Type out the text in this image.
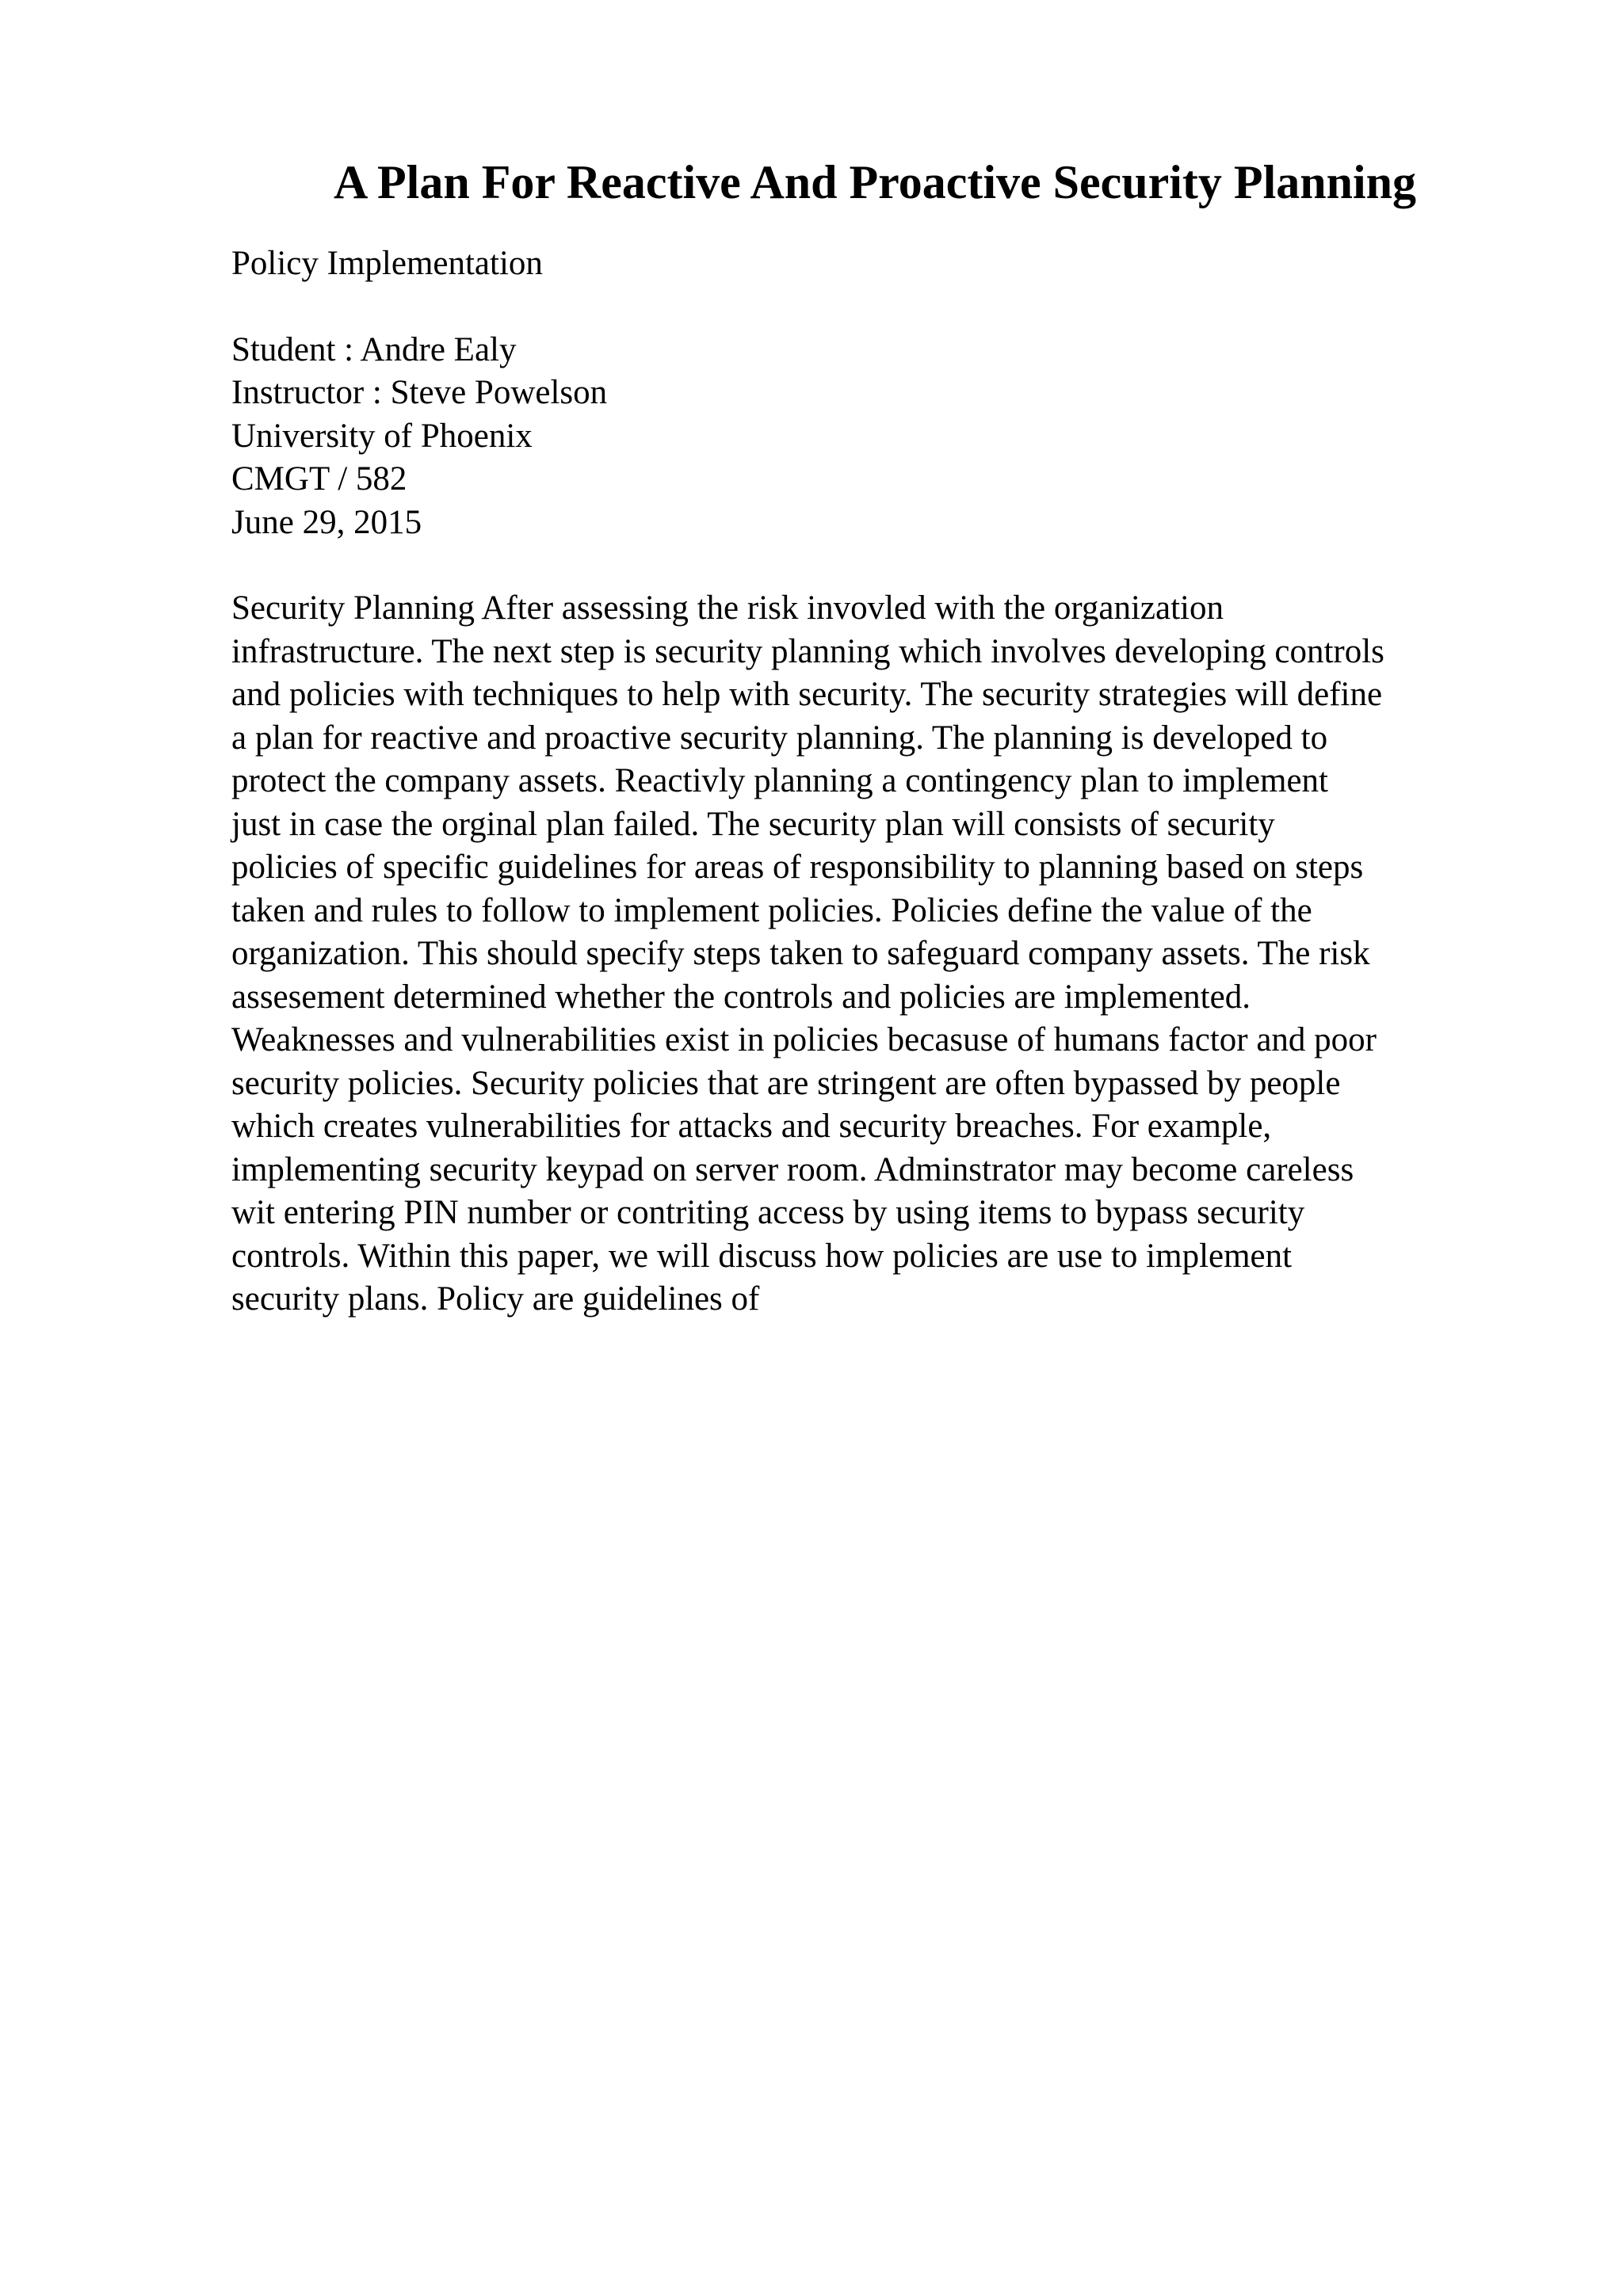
A Plan For Reactive And Proactive Security Planning
Policy Implementation
Student : Andre Ealy
Instructor : Steve Powelson
University of Phoenix
CMGT / 582
June 29, 2015
Security Planning After assessing the risk invovled with the organization
infrastructure. The next step is security planning which involves developing controls
and policies with techniques to help with security. The security strategies will define
a plan for reactive and proactive security planning. The planning is developed to
protect the company assets. Reactivly planning a contingency plan to implement
just in case the orginal plan failed. The security plan will consists of security
policies of specific guidelines for areas of responsibility to planning based on steps
taken and rules to follow to implement policies. Policies define the value of the
organization. This should specify steps taken to safeguard company assets. The risk
assesement determined whether the controls and policies are implemented.
Weaknesses and vulnerabilities exist in policies becasuse of humans factor and poor
security policies. Security policies that are stringent are often bypassed by people
which creates vulnerabilities for attacks and security breaches. For example,
implementing security keypad on server room. Adminstrator may become careless
wit entering PIN number or contriting access by using items to bypass security
controls. Within this paper, we will discuss how policies are use to implement
security plans. Policy are guidelines of
